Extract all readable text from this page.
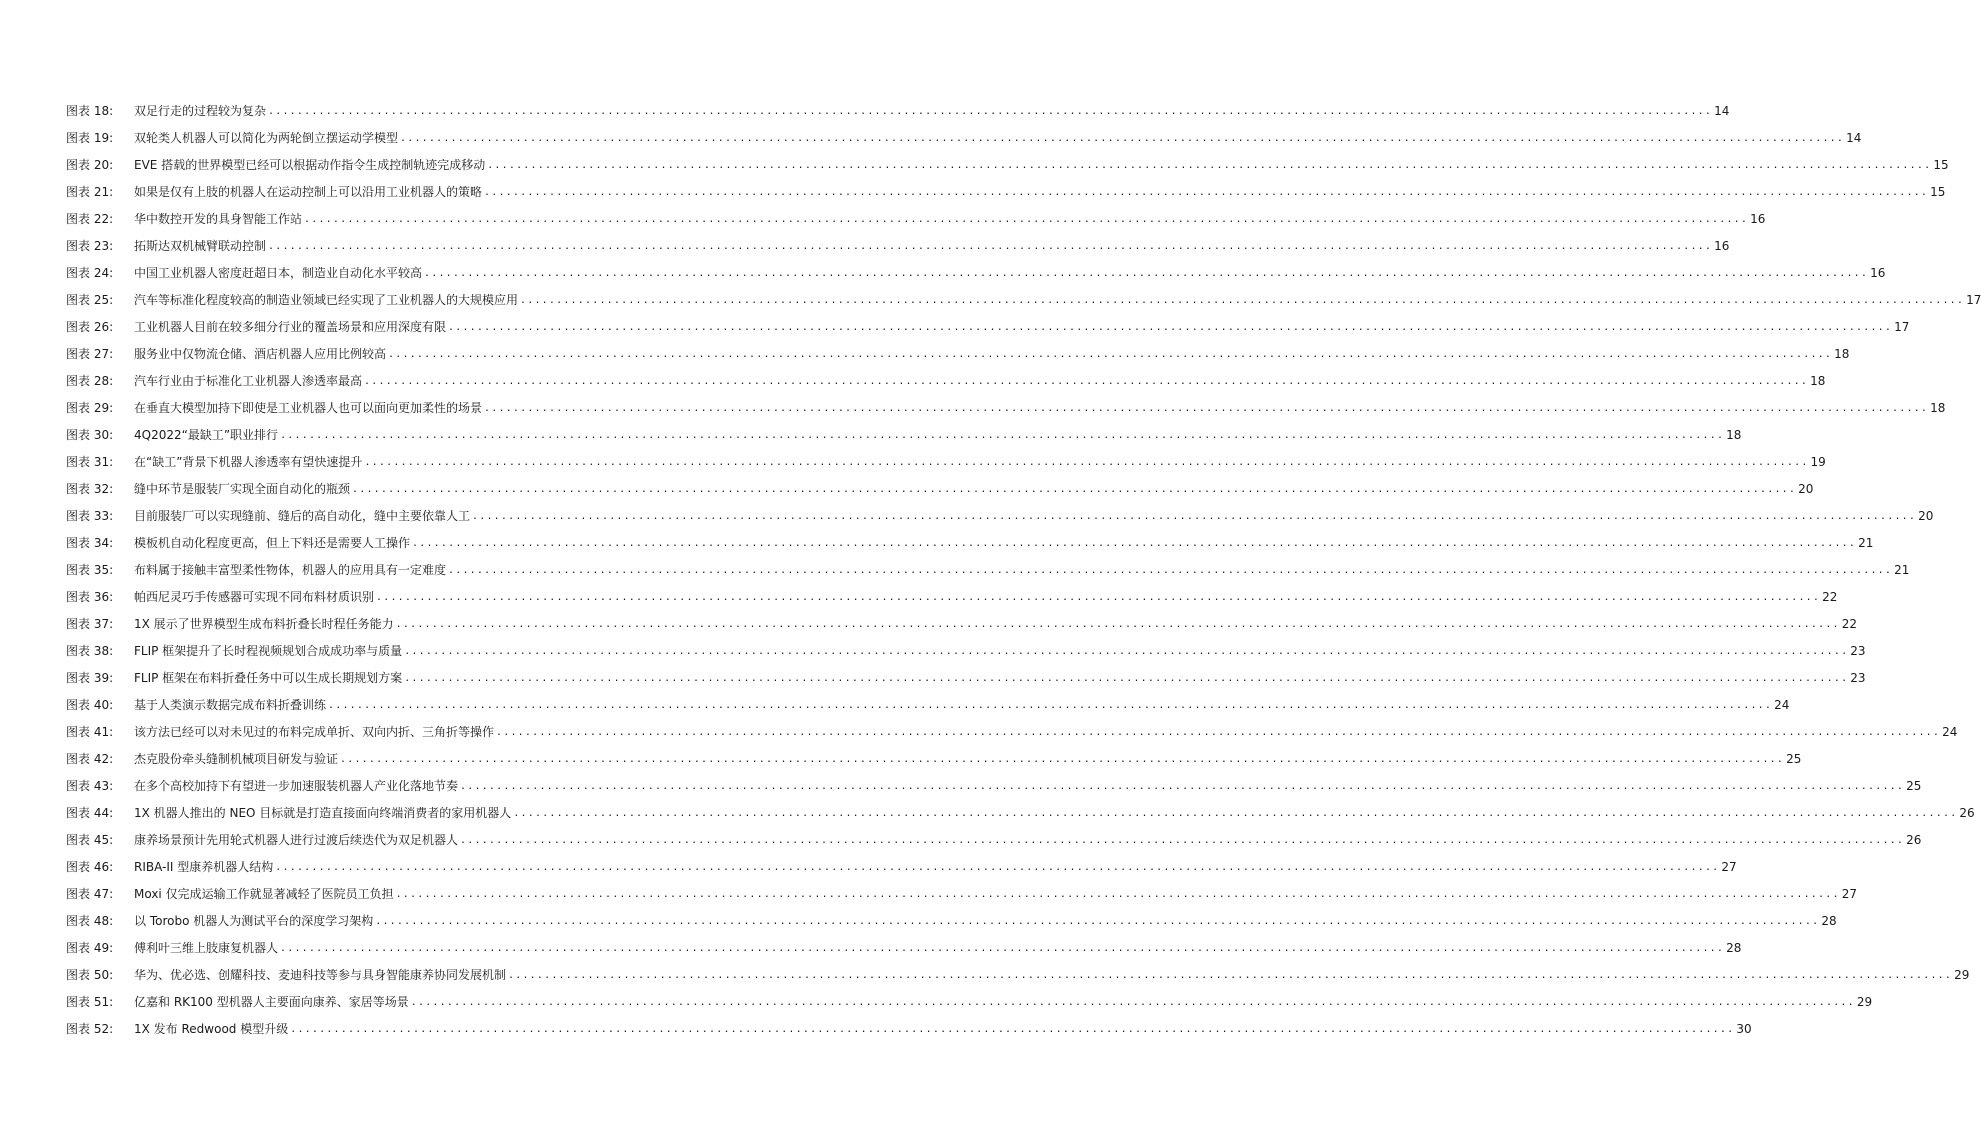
图表 18: 双足行走的过程较为复杂 ........................................................................................................................................................................................................ 14
图表 19: 双轮类人机器人可以简化为两轮倒立摆运动学模型 ........................................................................................................................................................................................................ 14
图表 20: EVE 搭载的世界模型已经可以根据动作指令生成控制轨迹完成移动 ........................................................................................................................................................................................................ 15
图表 21: 如果是仅有上肢的机器人在运动控制上可以沿用工业机器人的策略 ........................................................................................................................................................................................................ 15
图表 22: 华中数控开发的具身智能工作站 ........................................................................................................................................................................................................ 16
图表 23: 拓斯达双机械臂联动控制 ........................................................................................................................................................................................................ 16
图表 24: 中国工业机器人密度赶超日本，制造业自动化水平较高 ........................................................................................................................................................................................................ 16
图表 25: 汽车等标准化程度较高的制造业领域已经实现了工业机器人的大规模应用 ........................................................................................................................................................................................................ 17
图表 26: 工业机器人目前在较多细分行业的覆盖场景和应用深度有限 ........................................................................................................................................................................................................ 17
图表 27: 服务业中仅物流仓储、酒店机器人应用比例较高 ........................................................................................................................................................................................................ 18
图表 28: 汽车行业由于标准化工业机器人渗透率最高 ........................................................................................................................................................................................................ 18
图表 29: 在垂直大模型加持下即使是工业机器人也可以面向更加柔性的场景 ........................................................................................................................................................................................................ 18
图表 30: 4Q2022“最缺工”职业排行 ........................................................................................................................................................................................................ 18
图表 31: 在“缺工”背景下机器人渗透率有望快速提升 ........................................................................................................................................................................................................ 19
图表 32: 缝中环节是服装厂实现全面自动化的瓶颈 ........................................................................................................................................................................................................ 20
图表 33: 目前服装厂可以实现缝前、缝后的高自动化，缝中主要依靠人工 ........................................................................................................................................................................................................ 20
图表 34: 模板机自动化程度更高，但上下料还是需要人工操作 ........................................................................................................................................................................................................ 21
图表 35: 布料属于接触丰富型柔性物体，机器人的应用具有一定难度 ........................................................................................................................................................................................................ 21
图表 36: 帕西尼灵巧手传感器可实现不同布料材质识别 ........................................................................................................................................................................................................ 22
图表 37: 1X 展示了世界模型生成布料折叠长时程任务能力 ........................................................................................................................................................................................................ 22
图表 38: FLIP 框架提升了长时程视频规划合成成功率与质量 ........................................................................................................................................................................................................ 23
图表 39: FLIP 框架在布料折叠任务中可以生成长期规划方案 ........................................................................................................................................................................................................ 23
图表 40: 基于人类演示数据完成布料折叠训练 ........................................................................................................................................................................................................ 24
图表 41: 该方法已经可以对未见过的布料完成单折、双向内折、三角折等操作 ........................................................................................................................................................................................................ 24
图表 42: 杰克股份牵头缝制机械项目研发与验证 ........................................................................................................................................................................................................ 25
图表 43: 在多个高校加持下有望进一步加速服装机器人产业化落地节奏 ........................................................................................................................................................................................................ 25
图表 44: 1X 机器人推出的 NEO 目标就是打造直接面向终端消费者的家用机器人 ........................................................................................................................................................................................................ 26
图表 45: 康养场景预计先用轮式机器人进行过渡后续迭代为双足机器人 ........................................................................................................................................................................................................ 26
图表 46: RIBA-II 型康养机器人结构 ........................................................................................................................................................................................................ 27
图表 47: Moxi 仅完成运输工作就显著减轻了医院员工负担 ........................................................................................................................................................................................................ 27
图表 48: 以 Torobo 机器人为测试平台的深度学习架构 ........................................................................................................................................................................................................ 28
图表 49: 傅利叶三维上肢康复机器人 ........................................................................................................................................................................................................ 28
图表 50: 华为、优必选、创耀科技、麦迪科技等参与具身智能康养协同发展机制 ........................................................................................................................................................................................................ 29
图表 51: 亿嘉和 RK100 型机器人主要面向康养、家居等场景 ........................................................................................................................................................................................................ 29
图表 52: 1X 发布 Redwood 模型升级 ........................................................................................................................................................................................................ 30
